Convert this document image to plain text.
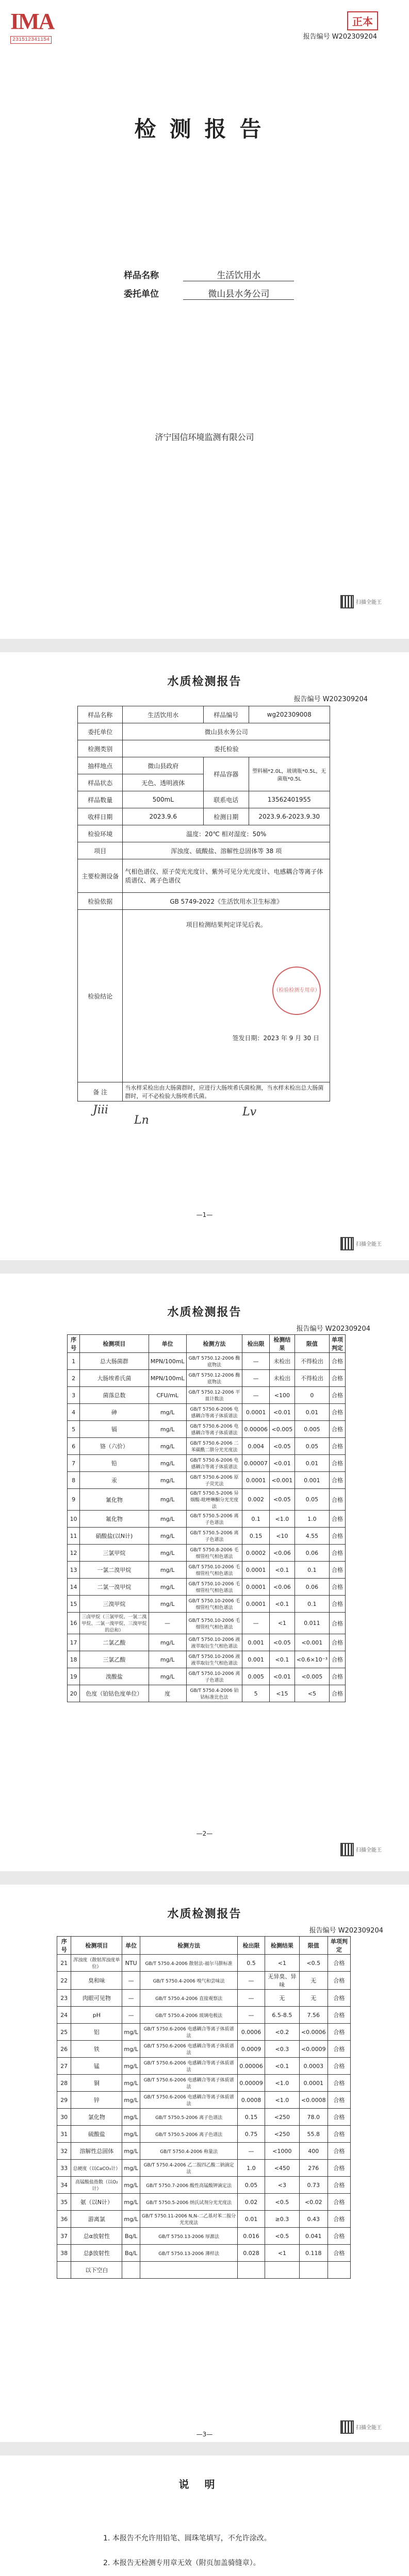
IMA
231512341154
正本
报告编号 W202309204
检测报告
样品名称	生活饮用水
委托单位	微山县水务公司
济宁国信环境监测有限公司
扫描全能王
水质检测报告
报告编号 W202309204
样品名称	生活饮用水	样品编号	wg202309008
委托单位	微山县水务公司		
检测类别	委托检验		
抽样地点	微山县政府	样品容器	塑料桶*2.0L，玻璃瓶*0.5L，无菌瓶*0.5L
样品状态	无色、透明液体		
样品数量	500mL	联系电话	13562401955
收样日期	2023.9.6	检测日期	2023.9.6-2023.9.30
检验环境	温度：20℃ 相对湿度：50%		
项目	浑浊度、硫酸盐、溶解性总固体等 38 项		
主要检测设备	气相色谱仪、原子荧光光度计、紫外可见分光光度计、电感耦合等离子体质谱仪、离子色谱仪		
检验依据	GB 5749-2022《生活饮用水卫生标准》		
检验结论	项目检测结果判定详见后表。
（检验检测专用章）
签发日期：2023 年 9 月 30 日		

备 注	当水样采检出由大肠菌群时，应进行大肠埃希氏菌检测，当水样未检出总大肠菌群时，可不必检验大肠埃希氏菌。		
Jiii
Ln
Lv
—1—
扫描全能王
水质检测报告
报告编号 W202309204
序号	检测项目	单位	检测方法	检出限	检测结果	限值	单项判定
1	总大肠菌群	MPN/100mL	GB/T 5750.12-2006 酶底物法	—	未检出	不得检出	合格
2	大肠埃希氏菌	MPN/100mL	GB/T 5750.12-2006 酶底物法	—	未检出	不得检出	合格
3	菌落总数	CFU/mL	GB/T 5750.12-2006 平皿计数法	—	<100	0	合格
4	砷	mg/L	GB/T 5750.6-2006 电感耦合等离子体质谱法	0.0001	<0.01	0.01	合格
5	镉	mg/L	GB/T 5750.6-2006 电感耦合等离子体质谱法	0.00006	<0.005	0.005	合格
6	铬（六价）	mg/L	GB/T 5750.6-2006 二苯碳酰二肼分光光度法	0.004	<0.05	0.05	合格
7	铅	mg/L	GB/T 5750.6-2006 电感耦合等离子体质谱法	0.00007	<0.01	0.01	合格
8	汞	mg/L	GB/T 5750.6-2006 原子荧光法	0.0001	<0.001	0.001	合格
9	氰化物	mg/L	GB/T 5750.5-2006 异烟酸-吡唑啉酮分光光度法	0.002	<0.05	0.05	合格
10	氟化物	mg/L	GB/T 5750.5-2006 离子色谱法	0.1	<1.0	1.0	合格
11	硝酸盐(以N计)	mg/L	GB/T 5750.5-2006 离子色谱法	0.15	<10	4.55	合格
12	三氯甲烷	mg/L	GB/T 5750.8-2006 毛细管柱气相色谱法	0.0002	<0.06	0.06	合格
13	一氯二溴甲烷	mg/L	GB/T 5750.10-2006 毛细管柱气相色谱法	0.0001	<0.1	0.1	合格
14	二氯一溴甲烷	mg/L	GB/T 5750.10-2006 毛细管柱气相色谱法	0.0001	<0.06	0.06	合格
15	三溴甲烷	mg/L	GB/T 5750.10-2006 毛细管柱气相色谱法	0.0001	<0.1	0.1	合格
16	三卤甲烷（三氯甲烷、一氯二溴甲烷、二氯一溴甲烷、三溴甲烷的总和）	—	GB/T 5750.10-2006 毛细管柱气相色谱法	—	<1	0.011	合格
17	二氯乙酸	mg/L	GB/T 5750.10-2006 液液萃取衍生气相色谱法	0.001	<0.05	<0.001	合格
18	三氯乙酸	mg/L	GB/T 5750.10-2006 液液萃取衍生气相色谱法	0.001	<0.1	<0.6×10⁻³	合格
19	溴酸盐	mg/L	GB/T 5750.10-2006 离子色谱法	0.005	<0.01	<0.005	合格
20	色度（铂钴色度单位）	度	GB/T 5750.4-2006 铂钴标准比色法	5	<15	<5	合格
—2—
扫描全能王
水质检测报告
报告编号 W202309204
序号	检测项目	单位	检测方法	检出限	检测结果	限值	单项判定
21	浑浊度（散射浑浊度单位）	NTU	GB/T 5750.4-2006 散射法-福尔马肼标准	0.5	<1	<0.5	合格
22	臭和味	—	GB/T 5750.4-2006 嗅气和尝味法	—	无异臭、异味	无	合格
23	肉眼可见物	—	GB/T 5750.4-2006 直接观察法	—	无	无	合格
24	pH	—	GB/T 5750.4-2006 玻璃电极法	—	6.5-8.5	7.56	合格
25	铝	mg/L	GB/T 5750.6-2006 电感耦合等离子体质谱法	0.0006	<0.2	<0.0006	合格
26	铁	mg/L	GB/T 5750.6-2006 电感耦合等离子体质谱法	0.0009	<0.3	<0.0009	合格
27	锰	mg/L	GB/T 5750.6-2006 电感耦合等离子体质谱法	0.00006	<0.1	0.0003	合格
28	铜	mg/L	GB/T 5750.6-2006 电感耦合等离子体质谱法	0.00009	<1.0	0.0001	合格
29	锌	mg/L	GB/T 5750.6-2006 电感耦合等离子体质谱法	0.0008	<1.0	<0.0008	合格
30	氯化物	mg/L	GB/T 5750.5-2006 离子色谱法	0.15	<250	78.0	合格
31	硫酸盐	mg/L	GB/T 5750.5-2006 离子色谱法	0.75	<250	55.8	合格
32	溶解性总固体	mg/L	GB/T 5750.4-2006 称量法	—	<1000	400	合格
33	总硬度（以CaCO₃计）	mg/L	GB/T 5750.4-2006 乙二胺四乙酸二钠滴定法	1.0	<450	276	合格
34	高锰酸盐指数（以O₂计）	mg/L	GB/T 5750.7-2006 酸性高锰酸钾滴定法	0.05	<3	0.73	合格
35	氨（以N计）	mg/L	GB/T 5750.5-2006 纳氏试剂分光光度法	0.02	<0.5	<0.02	合格
36	游离氯	mg/L	GB/T 5750.11-2006 N,N-二乙基对苯二胺分光光度法	0.01	≥0.3	0.43	合格
37	总α放射性	Bq/L	GB/T 5750.13-2006 厚源法	0.016	<0.5	0.041	合格
38	总β放射性	Bq/L	GB/T 5750.13-2006 薄样法	0.028	<1	0.118	合格
	以下空白						
—3—
扫描全能王
说明
1. 本报告不允许用铅笔、圆珠笔填写，不允许涂改。
2. 本报告无检测专用章无效（附页加盖骑缝章）。
